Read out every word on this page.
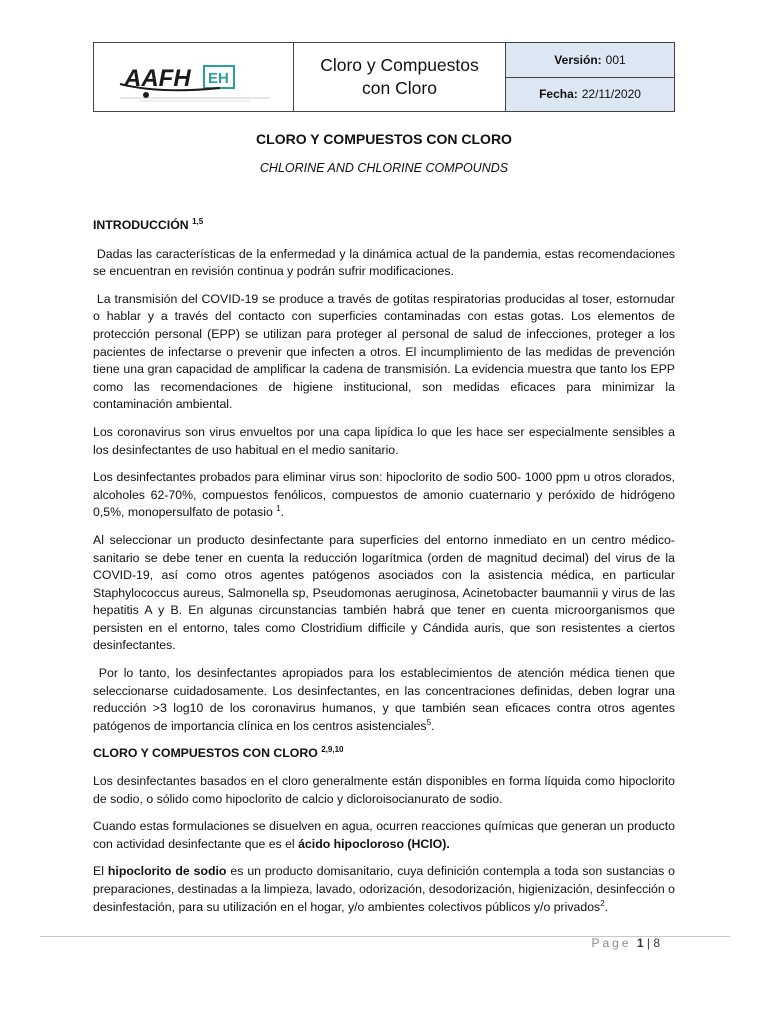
AAFH EH
Cloro y Compuestos con Cloro
Versión: 001
Fecha: 22/11/2020
CLORO Y COMPUESTOS CON CLORO
CHLORINE AND CHLORINE COMPOUNDS
INTRODUCCIÓN $^{1,5}$

Dadas las características de la enfermedad y la dinámica actual de la pandemia, estas recomendaciones se encuentran en revisión continua y podrán sufrir modificaciones.

La transmisión del COVID-19 se produce a través de gotitas respiratorias producidas al toser, estornudar o hablar y a través del contacto con superficies contaminadas con estas gotas. Los elementos de protección personal (EPP) se utilizan para proteger al personal de salud de infecciones, proteger a los pacientes de infectarse o prevenir que infecten a otros. El incumplimiento de las medidas de prevención tiene una gran capacidad de amplificar la cadena de transmisión. La evidencia muestra que tanto los EPP como las recomendaciones de higiene institucional, son medidas eficaces para minimizar la contaminación ambiental.

Los coronavirus son virus envueltos por una capa lipídica lo que les hace ser especialmente sensibles a los desinfectantes de uso habitual en el medio sanitario.

Los desinfectantes probados para eliminar virus son: hipoclorito de sodio 500- 1000 ppm u otros clorados, alcoholes 62-70%, compuestos fenólicos, compuestos de amonio cuaternario y peróxido de hidrógeno 0,5%, monopersulfato de potasio $^1$.

Al seleccionar un producto desinfectante para superficies del entorno inmediato en un centro médico-sanitario se debe tener en cuenta la reducción logarítmica (orden de magnitud decimal) del virus de la COVID-19, así como otros agentes patógenos asociados con la asistencia médica, en particular Staphylococcus aureus, Salmonella sp, Pseudomonas aeruginosa, Acinetobacter baumannii y virus de las hepatitis A y B. En algunas circunstancias también habrá que tener en cuenta microorganismos que persisten en el entorno, tales como Clostridium difficile y Cándida auris, que son resistentes a ciertos desinfectantes.

Por lo tanto, los desinfectantes apropiados para los establecimientos de atención médica tienen que seleccionarse cuidadosamente. Los desinfectantes, en las concentraciones definidas, deben lograr una reducción >3 log10 de los coronavirus humanos, y que también sean eficaces contra otros agentes patógenos de importancia clínica en los centros asistenciales$^5$.

CLORO Y COMPUESTOS CON CLORO $^{2,9,10}$

Los desinfectantes basados en el cloro generalmente están disponibles en forma líquida como hipoclorito de sodio, o sólido como hipoclorito de calcio y dicloroisocianurato de sodio.

Cuando estas formulaciones se disuelven en agua, ocurren reacciones químicas que generan un producto con actividad desinfectante que es el ácido hipocloroso (HClO).

El hipoclorito de sodio es un producto domisanitario, cuya definición contempla a toda son sustancias o preparaciones, destinadas a la limpieza, lavado, odorización, desodorización, higienización, desinfección o desinfestación, para su utilización en el hogar, y/o ambientes colectivos públicos y/o privados$^2$.

Page 1 | 8
